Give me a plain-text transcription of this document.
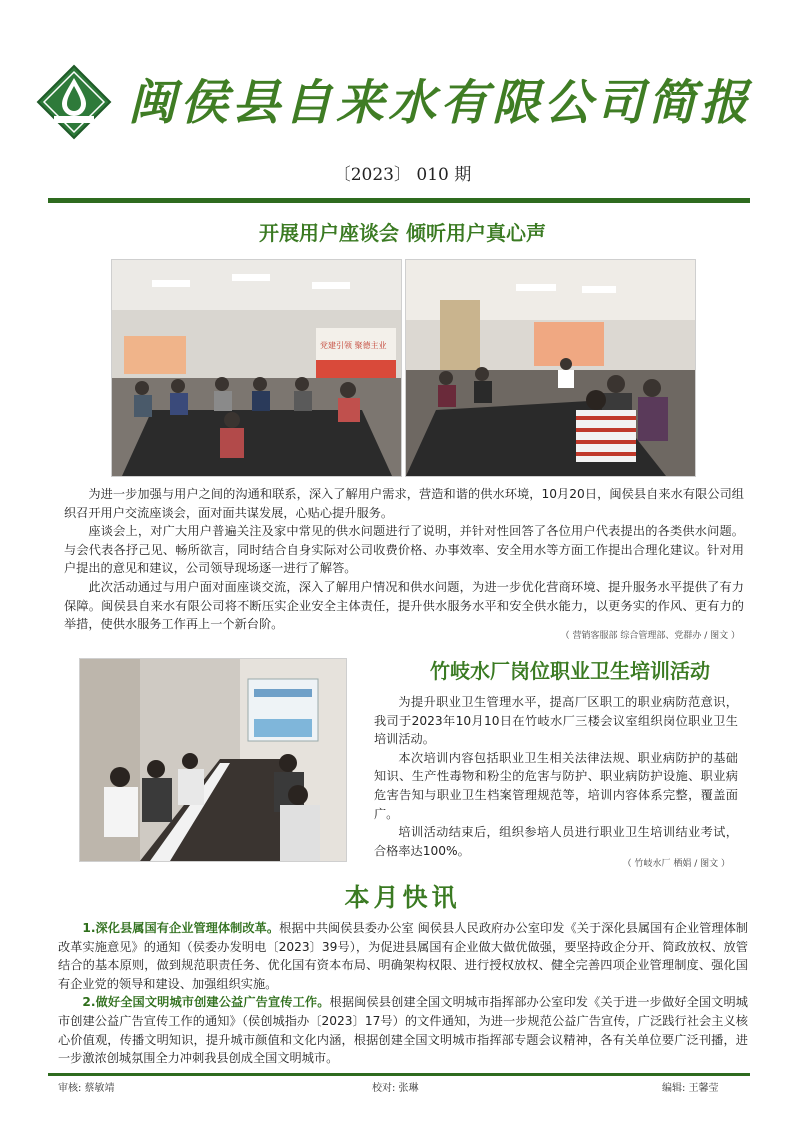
闽侯县自来水有限公司简报
〔2023〕 010 期
开展用户座谈会 倾听用户真心声
党建引领 聚德主业

为进一步加强与用户之间的沟通和联系，深入了解用户需求，营造和谐的供水环境，10月20日，闽侯县自来水有限公司组织召开用户交流座谈会，面对面共谋发展，心贴心提升服务。

座谈会上，对广大用户普遍关注及家中常见的供水问题进行了说明，并针对性回答了各位用户代表提出的各类供水问题。与会代表各抒己见、畅所欲言，同时结合自身实际对公司收费价格、办事效率、安全用水等方面工作提出合理化建议。针对用户提出的意见和建议，公司领导现场逐一进行了解答。

此次活动通过与用户面对面座谈交流，深入了解用户情况和供水问题，为进一步优化营商环境、提升服务水平提供了有力保障。闽侯县自来水有限公司将不断压实企业安全主体责任，提升供水服务水平和安全供水能力，以更务实的作风、更有力的举措，使供水服务工作再上一个新台阶。

（ 营销客服部 综合管理部、党群办 / 图文 ）
竹岐水厂岗位职业卫生培训活动

为提升职业卫生管理水平，提高厂区职工的职业病防范意识，我司于2023年10月10日在竹岐水厂三楼会议室组织岗位职业卫生培训活动。

本次培训内容包括职业卫生相关法律法规、职业病防护的基础知识、生产性毒物和粉尘的危害与防护、职业病防护设施、职业病危害告知与职业卫生档案管理规范等，培训内容体系完整，覆盖面广。

培训活动结束后，组织参培人员进行职业卫生培训结业考试，合格率达100%。

（ 竹岐水厂 栖娟 / 图文 ）
本月快讯

1.深化县属国有企业管理体制改革。根据中共闽侯县委办公室 闽侯县人民政府办公室印发《关于深化县属国有企业管理体制改革实施意见》的通知（侯委办发明电〔2023〕39号），为促进县属国有企业做大做优做强，要坚持政企分开、简政放权、放管结合的基本原则，做到规范职责任务、优化国有资本布局、明确架构权限、进行授权放权、健全完善四项企业管理制度、强化国有企业党的领导和建设、加强组织实施。

2.做好全国文明城市创建公益广告宣传工作。根据闽侯县创建全国文明城市指挥部办公室印发《关于进一步做好全国文明城市创建公益广告宣传工作的通知》（侯创城指办〔2023〕17号）的文件通知，为进一步规范公益广告宣传，广泛践行社会主义核心价值观，传播文明知识，提升城市颜值和文化内涵，根据创建全国文明城市指挥部专题会议精神，各有关单位要广泛刊播，进一步激浓创城氛围全力冲刺我县创成全国文明城市。

审核: 蔡敏靖	校对: 张琳	编辑: 王馨莹
